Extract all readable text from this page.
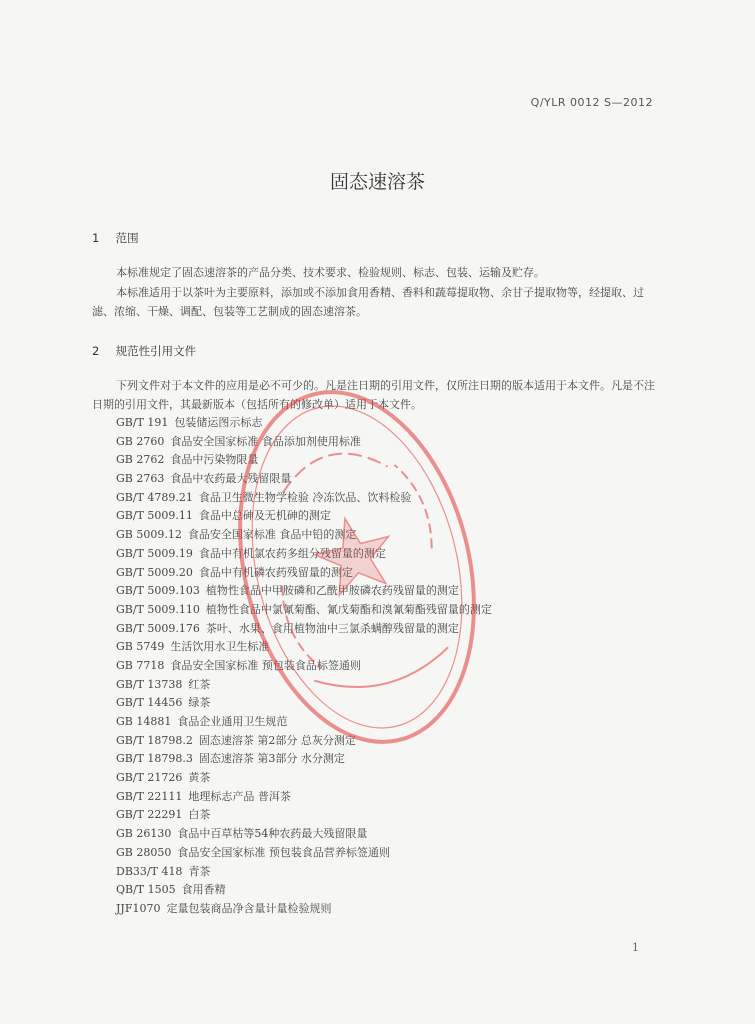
Q/YLR 0012 S—2012
固态速溶茶
1 范围

本标准规定了固态速溶茶的产品分类、技术要求、检验规则、标志、包装、运输及贮存。

本标准适用于以茶叶为主要原料，添加或不添加食用香精、香料和蔬莓提取物、余甘子提取物等，经提取、过滤、浓缩、干燥、调配、包装等工艺制成的固态速溶茶。

2 规范性引用文件

下列文件对于本文件的应用是必不可少的。凡是注日期的引用文件，仅所注日期的版本适用于本文件。凡是不注日期的引用文件，其最新版本（包括所有的修改单）适用于本文件。

GB/T 191 包装储运图示标志
GB 2760 食品安全国家标准 食品添加剂使用标准
GB 2762 食品中污染物限量
GB 2763 食品中农药最大残留限量
GB/T 4789.21 食品卫生微生物学检验 冷冻饮品、饮料检验
GB/T 5009.11 食品中总砷及无机砷的测定
GB 5009.12 食品安全国家标准 食品中铅的测定
GB/T 5009.19 食品中有机氯农药多组分残留量的测定
GB/T 5009.20 食品中有机磷农药残留量的测定
GB/T 5009.103 植物性食品中甲胺磷和乙酰甲胺磷农药残留量的测定
GB/T 5009.110 植物性食品中氯氰菊酯、氰戊菊酯和溴氰菊酯残留量的测定
GB/T 5009.176 茶叶、水果、食用植物油中三氯杀螨醇残留量的测定
GB 5749 生活饮用水卫生标准
GB 7718 食品安全国家标准 预包装食品标签通则
GB/T 13738 红茶
GB/T 14456 绿茶
GB 14881 食品企业通用卫生规范
GB/T 18798.2 固态速溶茶 第2部分 总灰分测定
GB/T 18798.3 固态速溶茶 第3部分 水分测定
GB/T 21726 黄茶
GB/T 22111 地理标志产品 普洱茶
GB/T 22291 白茶
GB 26130 食品中百草枯等54种农药最大残留限量
GB 28050 食品安全国家标准 预包装食品营养标签通则
DB33/T 418 青茶
QB/T 1505 食用香精
JJF1070 定量包装商品净含量计量检验规则
1
